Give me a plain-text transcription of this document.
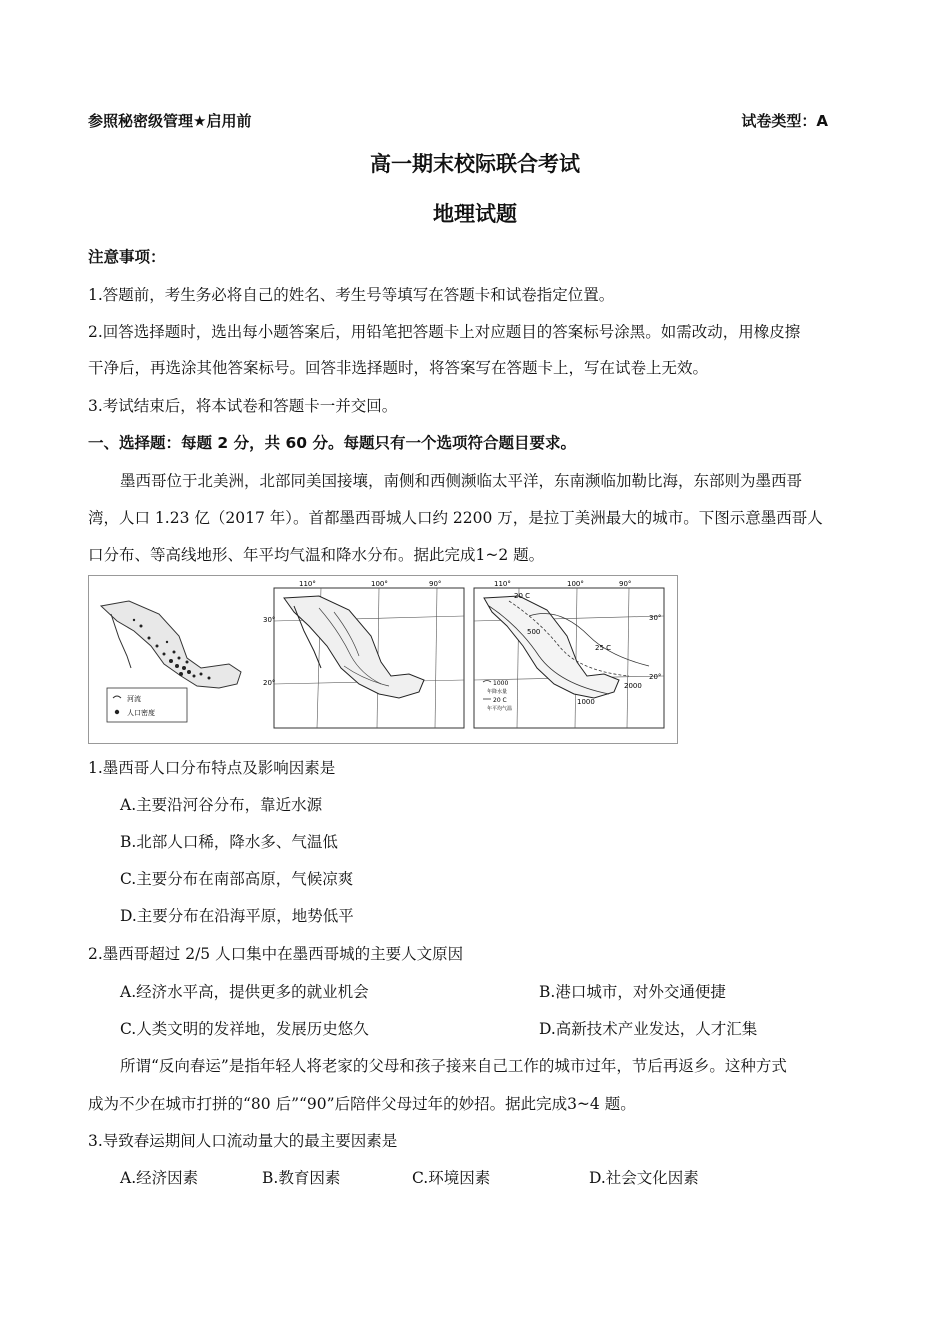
参照秘密级管理★启用前	试卷类型：A
高一期末校际联合考试
地理试题
注意事项：
1.答题前，考生务必将自己的姓名、考生号等填写在答题卡和试卷指定位置。
2.回答选择题时，选出每小题答案后，用铅笔把答题卡上对应题目的答案标号涂黑。如需改动，用橡皮擦
干净后，再选涂其他答案标号。回答非选择题时，将答案写在答题卡上，写在试卷上无效。
3.考试结束后，将本试卷和答题卡一并交回。
一、选择题：每题 2 分，共 60 分。每题只有一个选项符合题目要求。
墨西哥位于北美洲，北部同美国接壤，南侧和西侧濒临太平洋，东南濒临加勒比海，东部则为墨西哥
湾，人口 1.23 亿（2017 年）。首都墨西哥城人口约 2200 万，是拉丁美洲最大的城市。下图示意墨西哥人
口分布、等高线地形、年平均气温和降水分布。据此完成1~2 题。
河流
人口密度
110°	100°	90°
30°
20°
110°	100°	90°
30°
20°
20 C
25 C
500
1000
2000
1000
年降水量
20 C
年平均气温
1.墨西哥人口分布特点及影响因素是
A.主要沿河谷分布，靠近水源
B.北部人口稀，降水多、气温低
C.主要分布在南部高原，气候凉爽
D.主要分布在沿海平原，地势低平
2.墨西哥超过 2/5 人口集中在墨西哥城的主要人文原因
A.经济水平高，提供更多的就业机会	B.港口城市，对外交通便捷
C.人类文明的发祥地，发展历史悠久	D.高新技术产业发达，人才汇集
所谓“反向春运”是指年轻人将老家的父母和孩子接来自己工作的城市过年，节后再返乡。这种方式
成为不少在城市打拼的“80 后”“90”后陪伴父母过年的妙招。据此完成3~4 题。
3.导致春运期间人口流动量大的最主要因素是
A.经济因素	B.教育因素	C.环境因素	D.社会文化因素
